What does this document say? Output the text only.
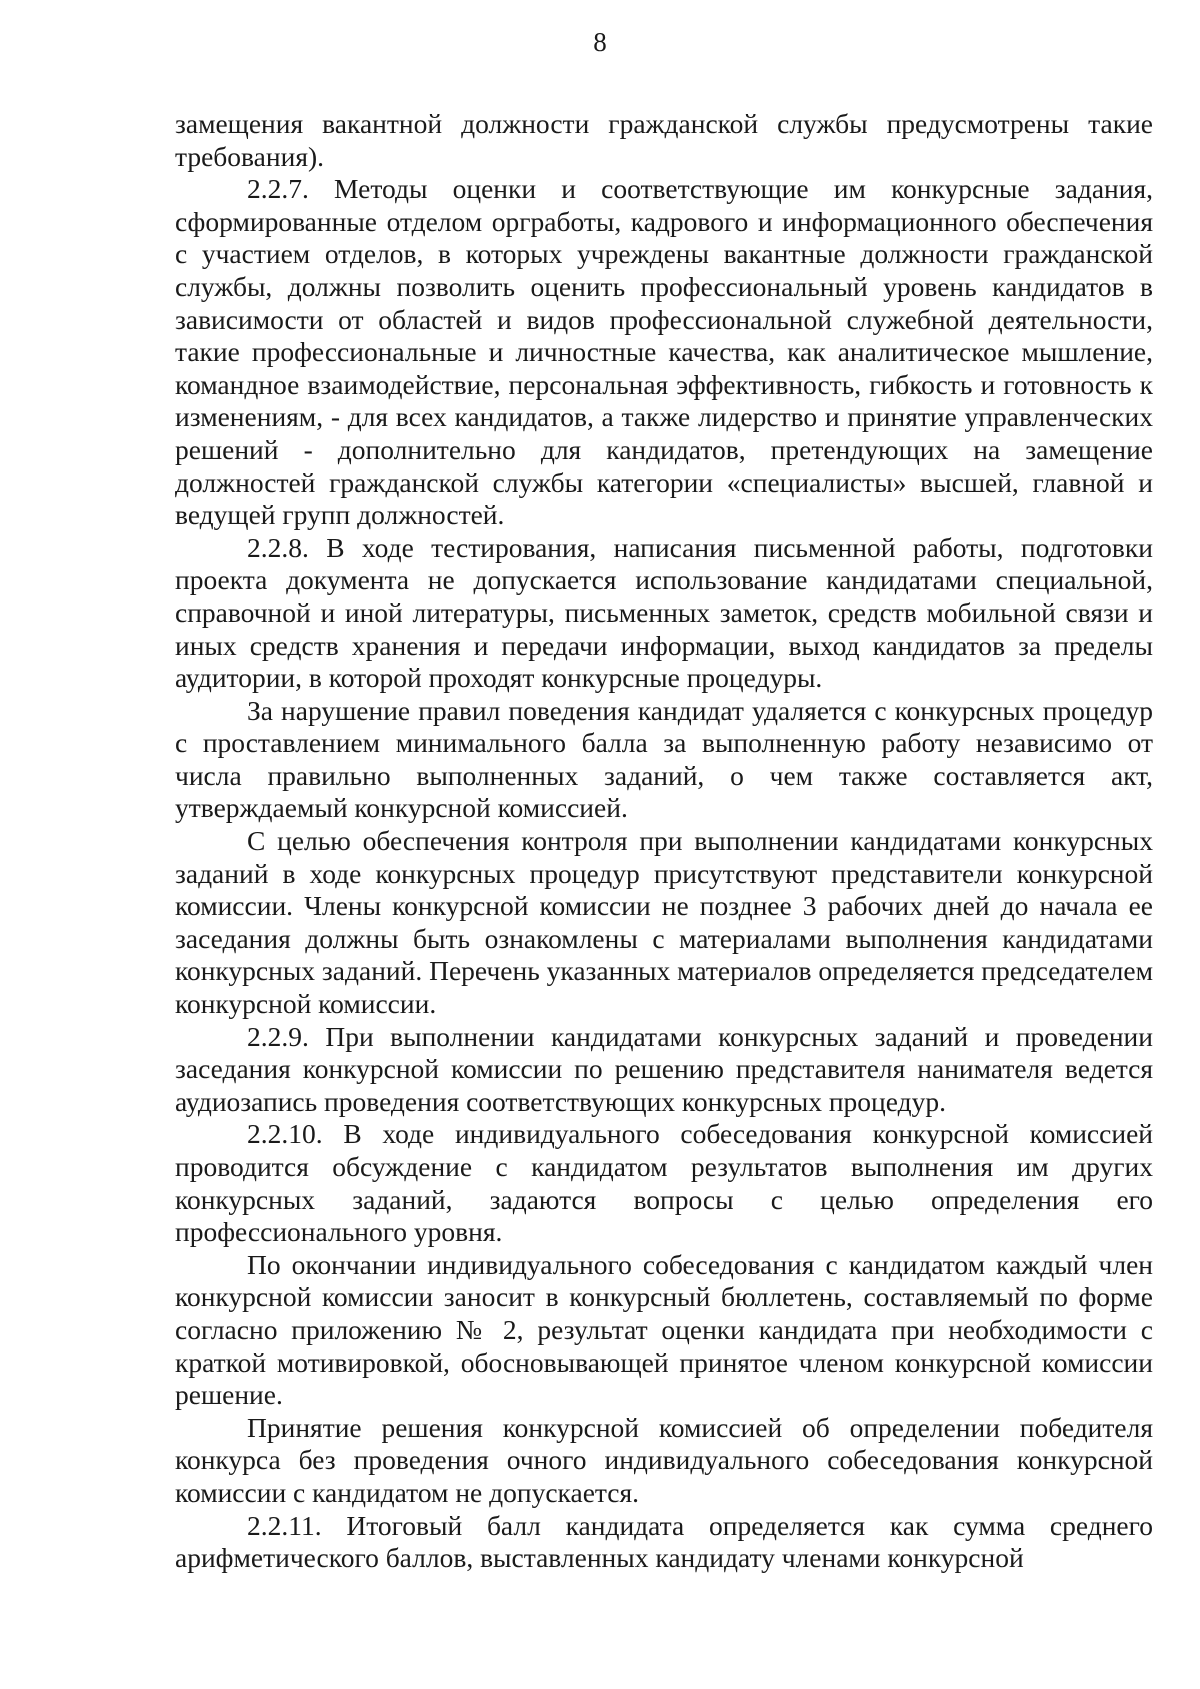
8

замещения вакантной должности гражданской службы предусмотрены такие требования).

2.2.7. Методы оценки и соответствующие им конкурсные задания, сформированные отделом оргработы, кадрового и информационного обеспечения с участием отделов, в которых учреждены вакантные должности гражданской службы, должны позволить оценить профессиональный уровень кандидатов в зависимости от областей и видов профессиональной служебной деятельности, такие профессиональные и личностные качества, как аналитическое мышление, командное взаимодействие, персональная эффективность, гибкость и готовность к изменениям, - для всех кандидатов, а также лидерство и принятие управленческих решений - дополнительно для кандидатов, претендующих на замещение должностей гражданской службы категории «специалисты» высшей, главной и ведущей групп должностей.

2.2.8. В ходе тестирования, написания письменной работы, подготовки проекта документа не допускается использование кандидатами специальной, справочной и иной литературы, письменных заметок, средств мобильной связи и иных средств хранения и передачи информации, выход кандидатов за пределы аудитории, в которой проходят конкурсные процедуры.

За нарушение правил поведения кандидат удаляется с конкурсных процедур с проставлением минимального балла за выполненную работу независимо от числа правильно выполненных заданий, о чем также составляется акт, утверждаемый конкурсной комиссией.

С целью обеспечения контроля при выполнении кандидатами конкурсных заданий в ходе конкурсных процедур присутствуют представители конкурсной комиссии. Члены конкурсной комиссии не позднее 3 рабочих дней до начала ее заседания должны быть ознакомлены с материалами выполнения кандидатами конкурсных заданий. Перечень указанных материалов определяется председателем конкурсной комиссии.

2.2.9. При выполнении кандидатами конкурсных заданий и проведении заседания конкурсной комиссии по решению представителя нанимателя ведется аудиозапись проведения соответствующих конкурсных процедур.

2.2.10. В ходе индивидуального собеседования конкурсной комиссией проводится обсуждение с кандидатом результатов выполнения им других конкурсных заданий, задаются вопросы с целью определения его профессионального уровня.

По окончании индивидуального собеседования с кандидатом каждый член конкурсной комиссии заносит в конкурсный бюллетень, составляемый по форме согласно приложению № 2, результат оценки кандидата при необходимости с краткой мотивировкой, обосновывающей принятое членом конкурсной комиссии решение.

Принятие решения конкурсной комиссией об определении победителя конкурса без проведения очного индивидуального собеседования конкурсной комиссии с кандидатом не допускается.

2.2.11. Итоговый балл кандидата определяется как сумма среднего арифметического баллов, выставленных кандидату членами конкурсной
